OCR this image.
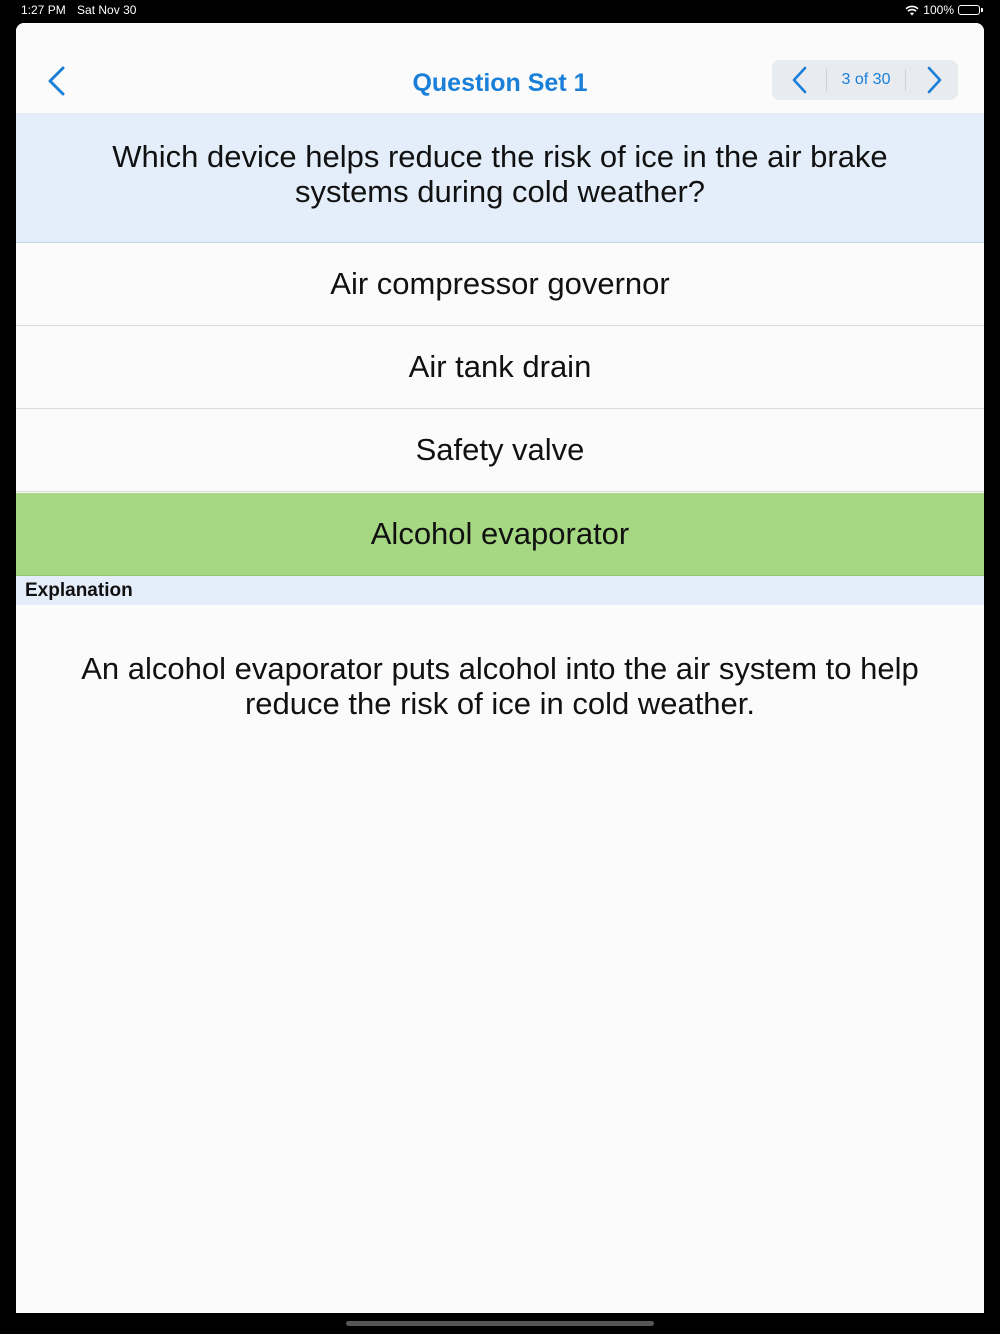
1:27 PM Sat Nov 30	100%
Question Set 1	3 of 30
Which device helps reduce the risk of ice in the air brake systems during cold weather?
Air compressor governor
Air tank drain
Safety valve
Alcohol evaporator
Explanation
An alcohol evaporator puts alcohol into the air system to help reduce the risk of ice in cold weather.
